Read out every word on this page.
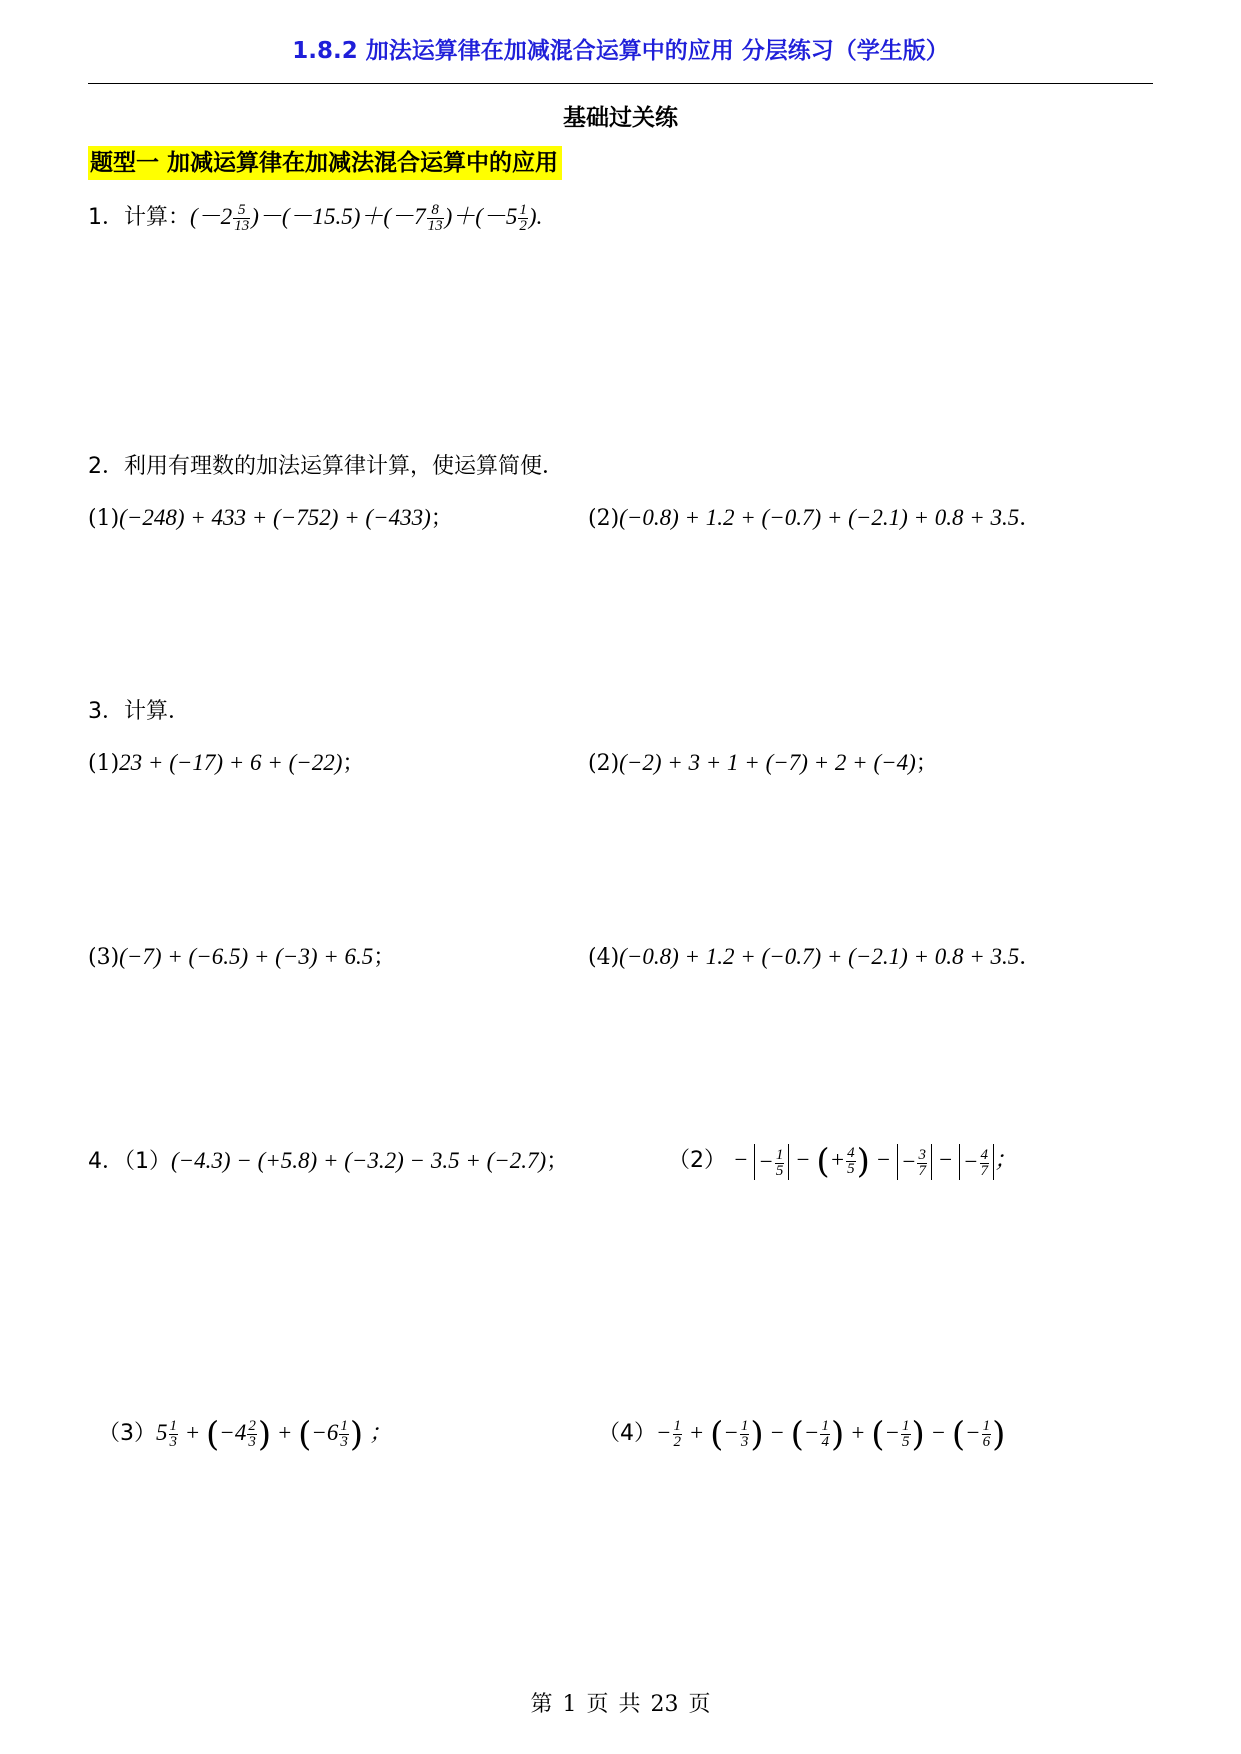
1.8.2 加法运算律在加减混合运算中的应用 分层练习（学生版）
基础过关练
题型一 加减运算律在加减法混合运算中的应用
1．计算：$(-2 \frac{5}{13} )-(-15.5)+(-7 \frac{8}{13} )+(-5 \frac{1}{2}$ ).
2．利用有理数的加法运算律计算，使运算简便．
(1)(−248) + 433 + (−752) + (−433)；	(2)(−0.8) + 1.2 + (−0.7) + (−2.1) + 0.8 + 3.5．
3．计算．
(1)23 + (−17) + 6 + (−22)；	(2)(−2) + 3 + 1 + (−7) + 2 + (−4)；
(3)(−7) + (−6.5) + (−3) + 6.5；	(4)(−0.8) + 1.2 + (−0.7) + (−2.1) + 0.8 + 3.5．
4．（1）(−4.3) − (+5.8) + (−3.2) − 3.5 + (−2.7)；	（2） − − $\frac{1}{5}$ − (+ $\frac{4}{5}$ ) − − $\frac{3}{7}$ − − $\frac{4}{7}$ ；
$(3)5 \frac{1}{3} + (-4 \frac{2}{3}$ ) + ($-6 \frac{1}{3}$ ) ；	$(4)- \frac{1}{2}$ + (− $\frac{1}{3}$ ) − (− $\frac{1}{4}$ ) + (− $\frac{1}{5}$ ) − (− $\frac{1}{6}$ )
第 1 页 共 23 页
